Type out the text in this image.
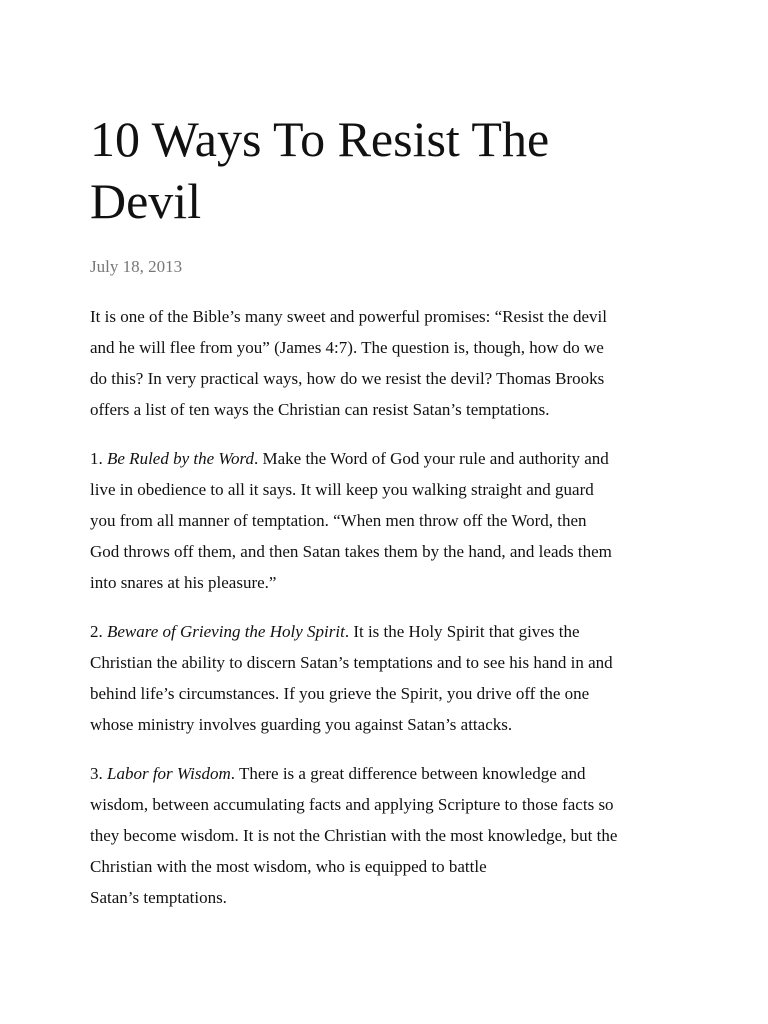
10 Ways To Resist The
Devil
July 18, 2013

It is one of the Bible’s many sweet and powerful promises: “Resist the devil
and he will flee from you” (James 4:7). The question is, though, how do we
do this? In very practical ways, how do we resist the devil? Thomas Brooks
offers a list of ten ways the Christian can resist Satan’s temptations.

1. Be Ruled by the Word. Make the Word of God your rule and authority and
live in obedience to all it says. It will keep you walking straight and guard
you from all manner of temptation. “When men throw off the Word, then
God throws off them, and then Satan takes them by the hand, and leads them
into snares at his pleasure.”

2. Beware of Grieving the Holy Spirit. It is the Holy Spirit that gives the
Christian the ability to discern Satan’s temptations and to see his hand in and
behind life’s circumstances. If you grieve the Spirit, you drive off the one
whose ministry involves guarding you against Satan’s attacks.

3. Labor for Wisdom. There is a great difference between knowledge and
wisdom, between accumulating facts and applying Scripture to those facts so
they become wisdom. It is not the Christian with the most knowledge, but the
Christian with the most wisdom, who is equipped to battle
Satan’s temptations.
